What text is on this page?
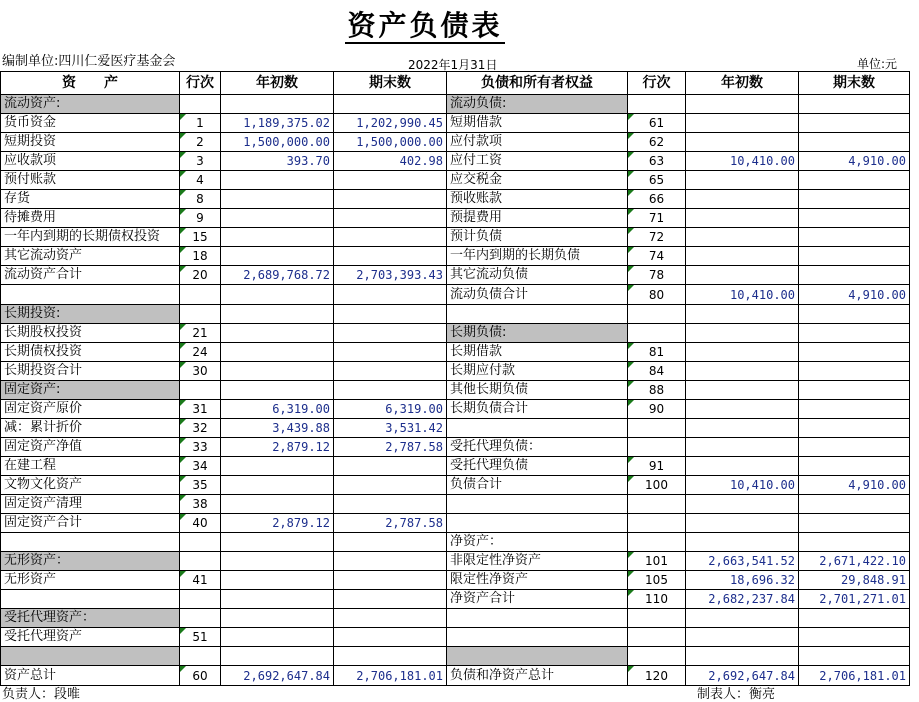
资产负债表
编制单位:四川仁爱医疗基金会	2022年1月31日	单位:元
资　　产	行次	年初数	期末数	负债和所有者权益	行次	年初数	期末数
流动资产:				流动负债:			
货币资金	1	1,189,375.02	1,202,990.45	短期借款	61		
短期投资	2	1,500,000.00	1,500,000.00	应付款项	62		
应收款项	3	393.70	402.98	应付工资	63	10,410.00	4,910.00
预付账款	4			应交税金	65		
存货	8			预收账款	66		
待摊费用	9			预提费用	71		
一年内到期的长期债权投资	15			预计负债	72		
其它流动资产	18			一年内到期的长期负债	74		
流动资产合计	20	2,689,768.72	2,703,393.43	其它流动负债	78		
				流动负债合计	80	10,410.00	4,910.00
长期投资:							
长期股权投资	21			长期负债:			
长期债权投资	24			长期借款	81		
长期投资合计	30			长期应付款	84		
固定资产:				其他长期负债	88		
固定资产原价	31	6,319.00	6,319.00	长期负债合计	90		
减：累计折价	32	3,439.88	3,531.42				
固定资产净值	33	2,879.12	2,787.58	受托代理负债：			
在建工程	34			受托代理负债	91		
文物文化资产	35			负债合计	100	10,410.00	4,910.00
固定资产清理	38						
固定资产合计	40	2,879.12	2,787.58				
				净资产：			
无形资产：				非限定性净资产	101	2,663,541.52	2,671,422.10
无形资产	41			限定性净资产	105	18,696.32	29,848.91
				净资产合计	110	2,682,237.84	2,701,271.01
受托代理资产：							
受托代理资产	51						

资产总计	60	2,692,647.84	2,706,181.01	负债和净资产总计	120	2,692,647.84	2,706,181.01
负责人：段唯	制表人：衡亮
